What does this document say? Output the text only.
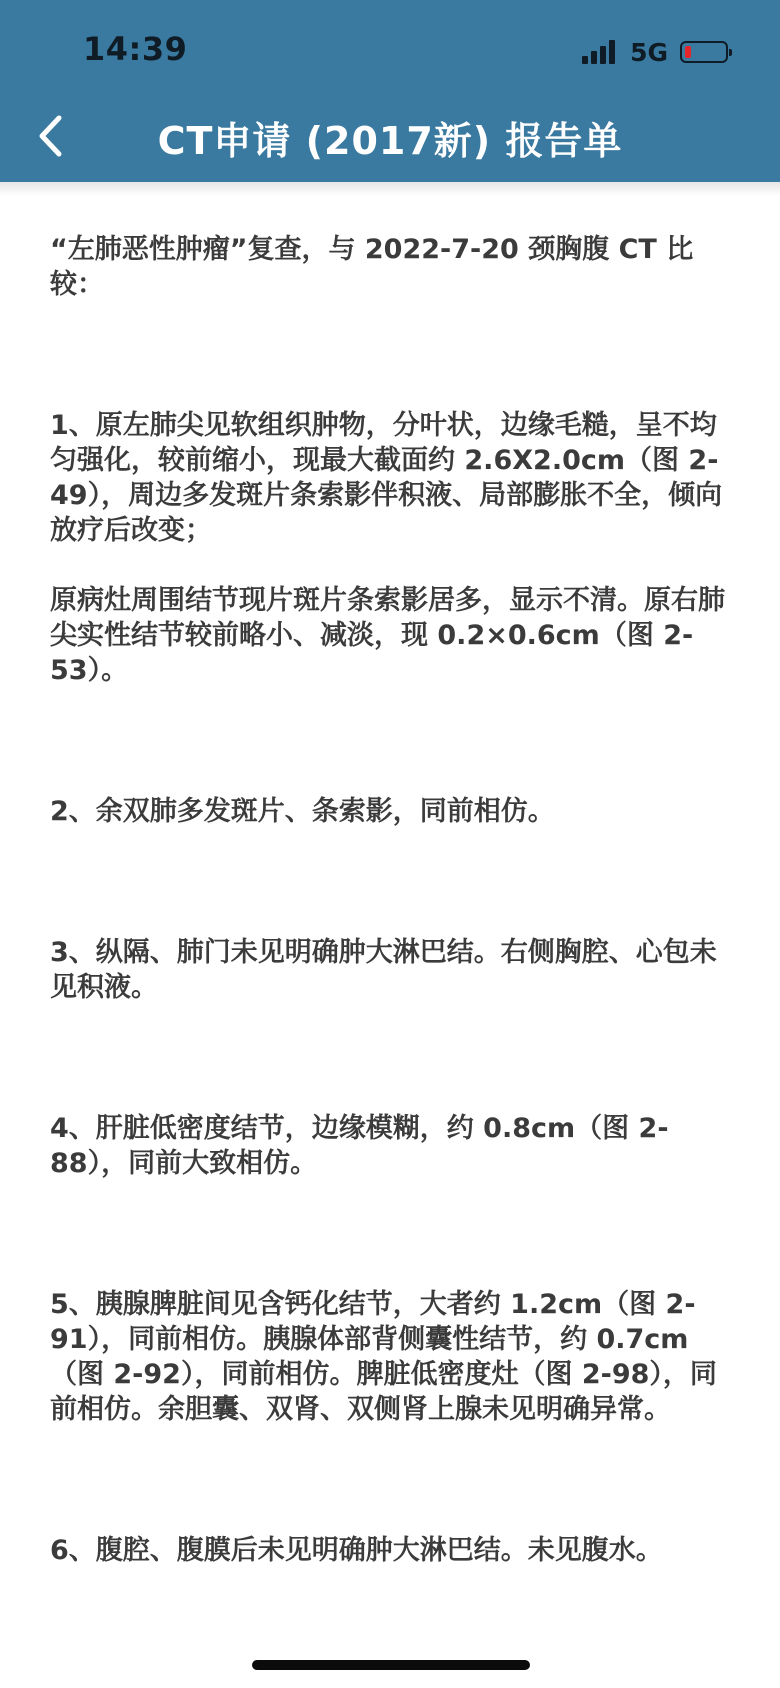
14:39	5G
CT申请 (2017新) 报告单

“左肺恶性肿瘤”复查，与 2022-7-20 颈胸腹 CT 比较：

1、原左肺尖见软组织肿物，分叶状，边缘毛糙，呈不均匀强化，较前缩小，现最大截面约 2.6X2.0cm（图 2-49），周边多发斑片条索影伴积液、局部膨胀不全，倾向放疗后改变；

原病灶周围结节现片斑片条索影居多，显示不清。原右肺尖实性结节较前略小、减淡，现 0.2×0.6cm（图 2-53）。

2、余双肺多发斑片、条索影，同前相仿。

3、纵隔、肺门未见明确肿大淋巴结。右侧胸腔、心包未见积液。

4、肝脏低密度结节，边缘模糊，约 0.8cm（图 2-88），同前大致相仿。

5、胰腺脾脏间见含钙化结节，大者约 1.2cm（图 2-91），同前相仿。胰腺体部背侧囊性结节，约 0.7cm（图 2-92），同前相仿。脾脏低密度灶（图 2-98），同前相仿。余胆囊、双肾、双侧肾上腺未见明确异常。

6、腹腔、腹膜后未见明确肿大淋巴结。未见腹水。
